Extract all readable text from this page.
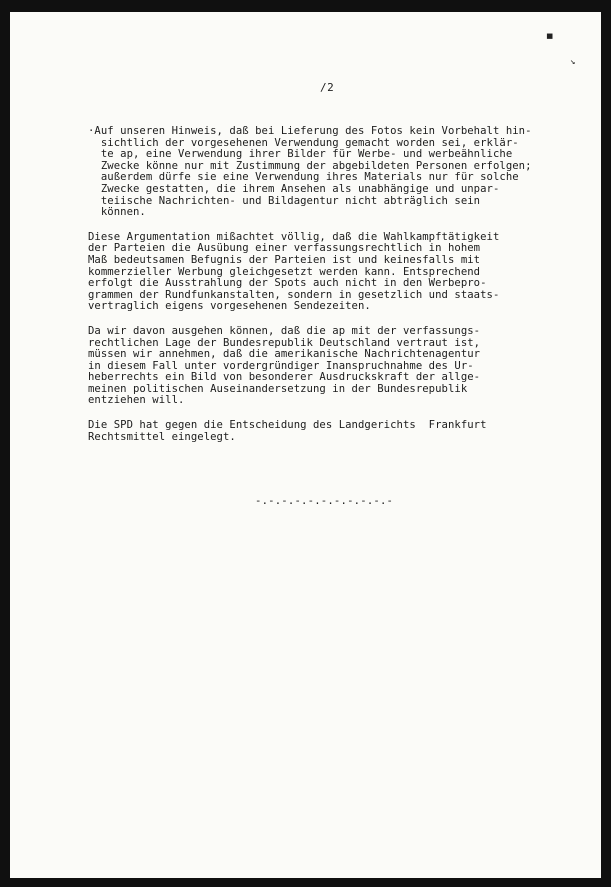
▀
↘
/2
·Auf unseren Hinweis, daß bei Lieferung des Fotos kein Vorbehalt hin-
sichtlich der vorgesehenen Verwendung gemacht worden sei, erklär-
te ap, eine Verwendung ihrer Bilder für Werbe- und werbeähnliche
Zwecke könne nur mit Zustimmung der abgebildeten Personen erfolgen;
außerdem dürfe sie eine Verwendung ihres Materials nur für solche
Zwecke gestatten, die ihrem Ansehen als unabhängige und unpar-
teiische Nachrichten- und Bildagentur nicht abträglich sein
können.
Diese Argumentation mißachtet völlig, daß die Wahlkampftätigkeit
der Parteien die Ausübung einer verfassungsrechtlich in hohem
Maß bedeutsamen Befugnis der Parteien ist und keinesfalls mit
kommerzieller Werbung gleichgesetzt werden kann. Entsprechend
erfolgt die Ausstrahlung der Spots auch nicht in den Werbepro-
grammen der Rundfunkanstalten, sondern in gesetzlich und staats-
vertraglich eigens vorgesehenen Sendezeiten.
Da wir davon ausgehen können, daß die ap mit der verfassungs-
rechtlichen Lage der Bundesrepublik Deutschland vertraut ist,
müssen wir annehmen, daß die amerikanische Nachrichtenagentur
in diesem Fall unter vordergründiger Inanspruchnahme des Ur-
heberrechts ein Bild von besonderer Ausdruckskraft der allge-
meinen politischen Auseinandersetzung in der Bundesrepublik
entziehen will.
Die SPD hat gegen die Entscheidung des Landgerichts  Frankfurt
Rechtsmittel eingelegt.
-.-.-.-.-.-.-.-.-.-.-
